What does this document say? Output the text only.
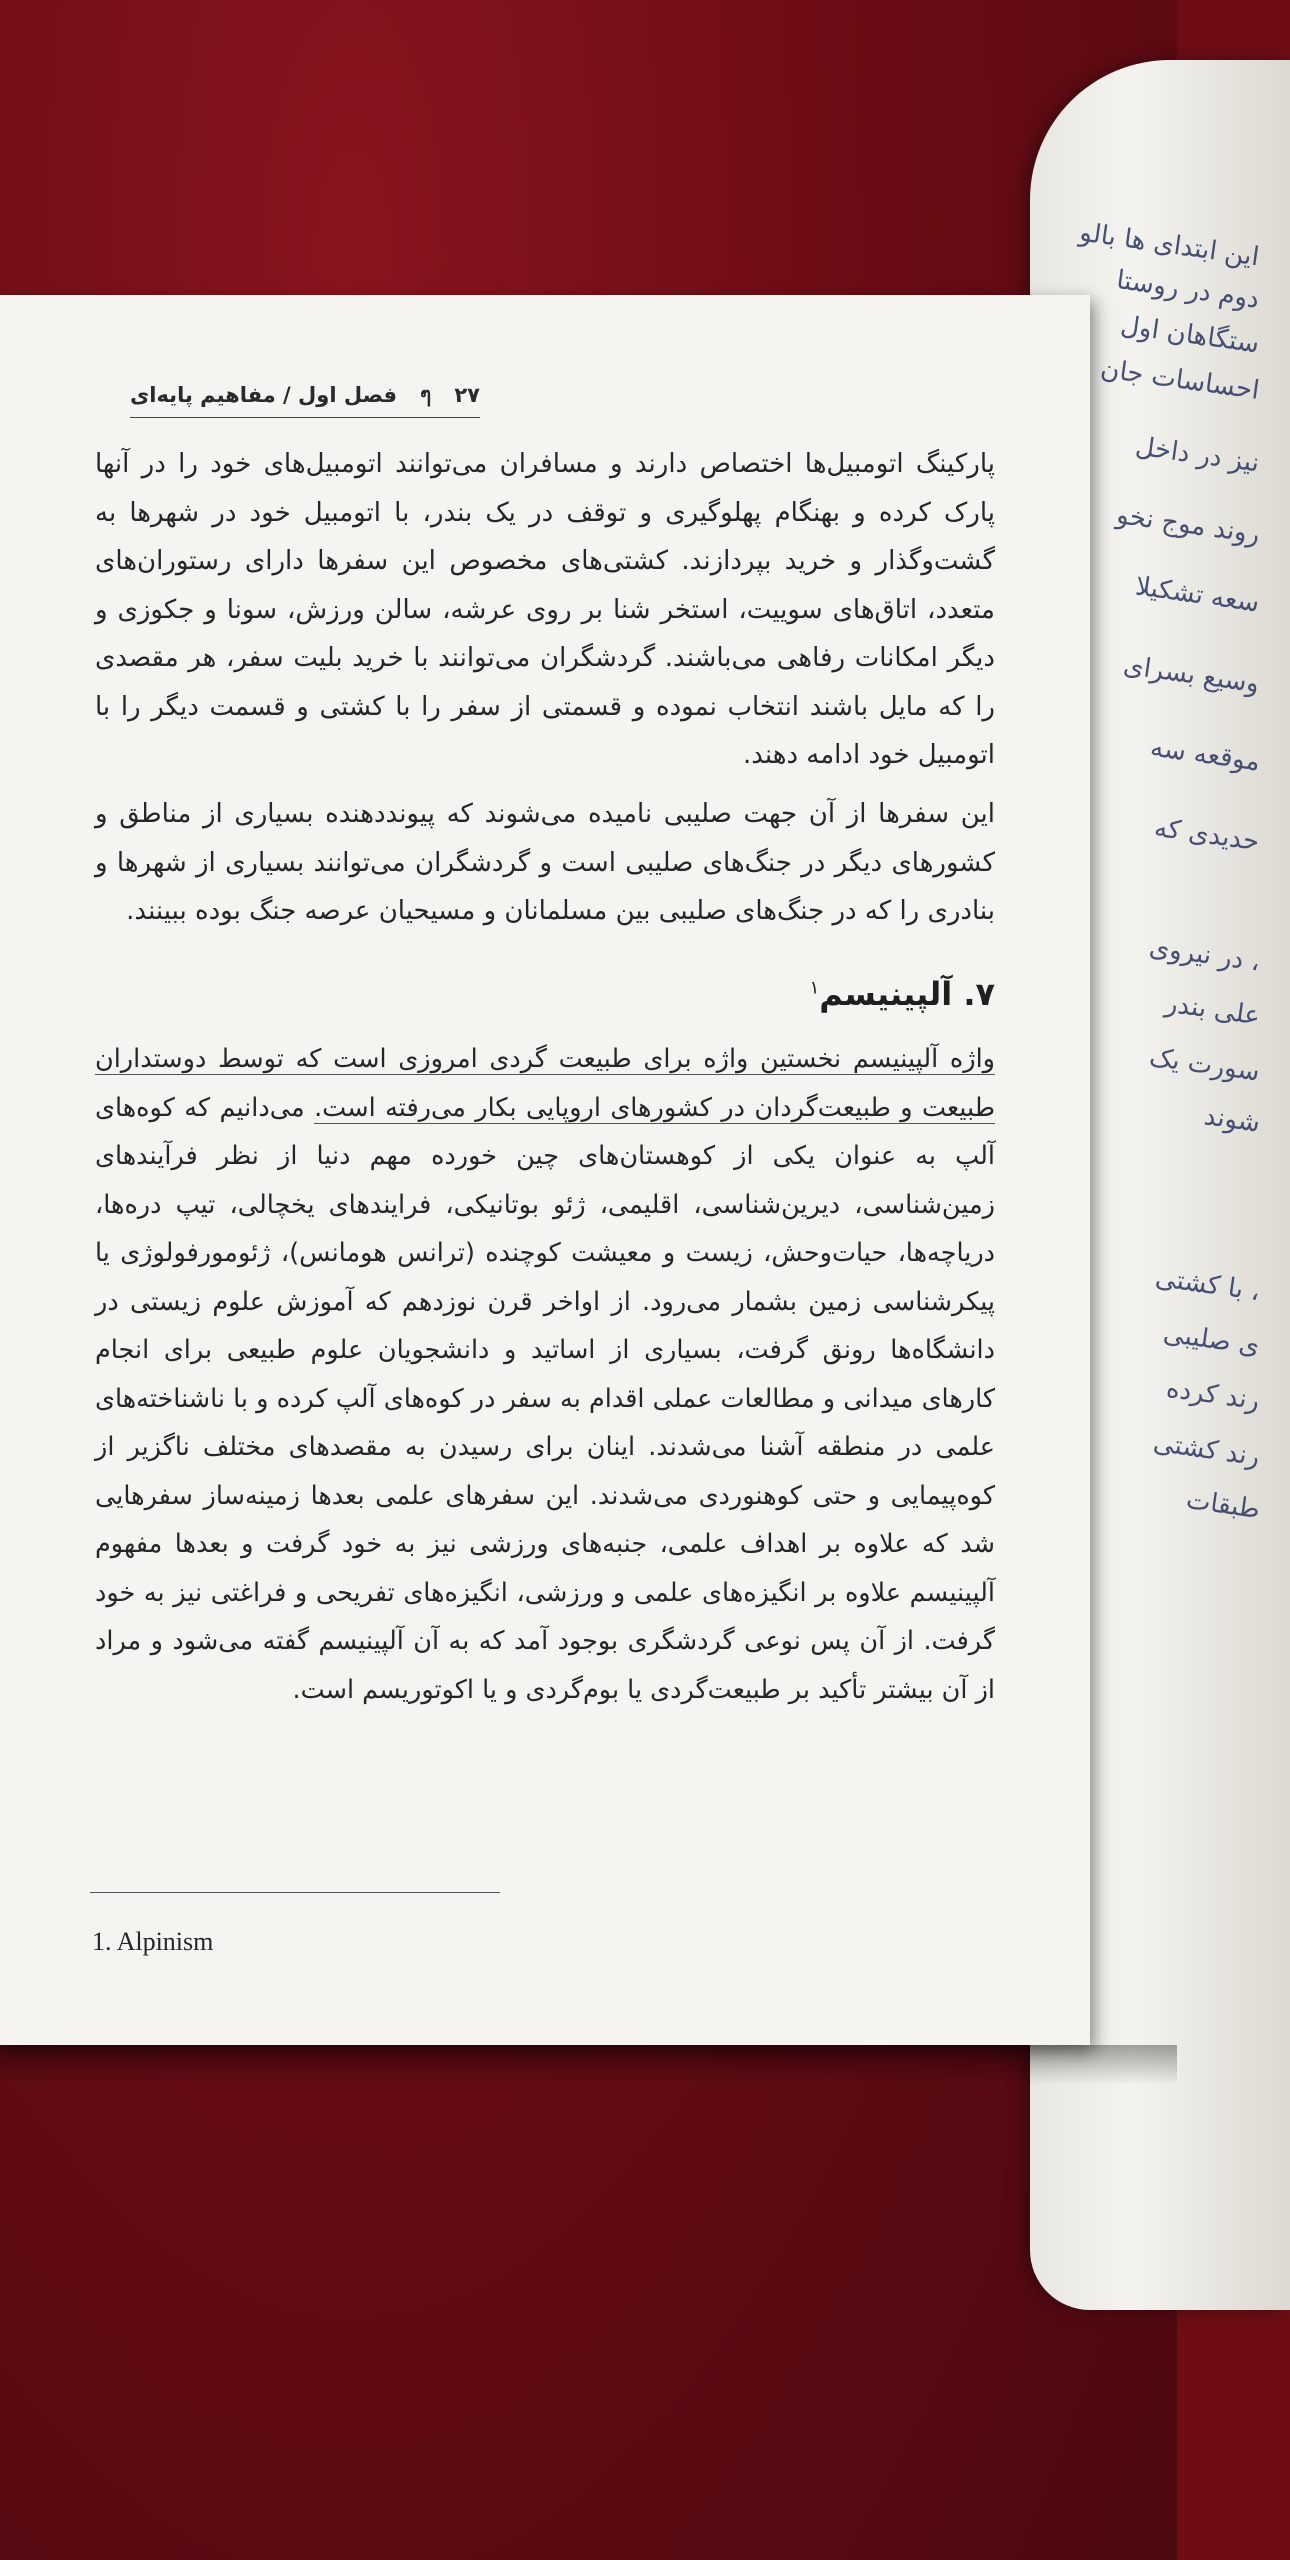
این ابتدای ها بالو
دوم در روستا
ستگاهان اول
احساسات جان
نیز در داخل
روند موج نخو
سعه تشکیلا
وسیع بسرای
موقعه سه
حدیدی که
، در نیروی
علی بندر
سورت یک
شوند
، با کشتی
ی صلیبی
رند کرده
رند کشتی
طبقات
فصل اول / مفاهیم پایه‌ای ๆ ۲۷
پارکینگ اتومبیل‌ها اختصاص دارند و مسافران می‌توانند اتومبیل‌های خود را در آنها پارک کرده و بهنگام پهلوگیری و توقف در یک بندر، با اتومبیل خود در شهرها به گشت‌وگذار و خرید بپردازند. کشتی‌های مخصوص این سفرها دارای رستوران‌های متعدد، اتاق‌های سوییت، استخر شنا بر روی عرشه، سالن ورزش، سونا و جکوزی و دیگر امکانات رفاهی می‌باشند. گردشگران می‌توانند با خرید بلیت سفر، هر مقصدی را که مایل باشند انتخاب نموده و قسمتی از سفر را با کشتی و قسمت دیگر را با اتومبیل خود ادامه دهند.
این سفرها از آن جهت صلیبی نامیده می‌شوند که پیونددهنده بسیاری از مناطق و کشورهای دیگر در جنگ‌های صلیبی است و گردشگران می‌توانند بسیاری از شهرها و بنادری را که در جنگ‌های صلیبی بین مسلمانان و مسیحیان عرصه جنگ بوده ببینند.
۷. آلپینیسم$^۱$
واژه آلپینیسم نخستین واژه برای طبیعت گردی امروزی است که توسط دوستداران طبیعت و طبیعت‌گردان در کشورهای اروپایی بکار می‌رفته است. می‌دانیم که کوه‌های آلپ به عنوان یکی از کوهستان‌های چین خورده مهم دنیا از نظر فرآیندهای زمین‌شناسی، دیرین‌شناسی، اقلیمی، ژئو بوتانیکی، فرایندهای یخچالی، تیپ دره‌ها، دریاچه‌ها، حیات‌وحش، زیست و معیشت کوچنده (ترانس هومانس)، ژئومورفولوژی یا پیکرشناسی زمین بشمار می‌رود. از اواخر قرن نوزدهم که آموزش علوم زیستی در دانشگاه‌ها رونق گرفت، بسیاری از اساتید و دانشجویان علوم طبیعی برای انجام کارهای میدانی و مطالعات عملی اقدام به سفر در کوه‌های آلپ کرده و با ناشناخته‌های علمی در منطقه آشنا می‌شدند. اینان برای رسیدن به مقصدهای مختلف ناگزیر از کوه‌پیمایی و حتی کوهنوردی می‌شدند. این سفرهای علمی بعدها زمینه‌ساز سفرهایی شد که علاوه بر اهداف علمی، جنبه‌های ورزشی نیز به خود گرفت و بعدها مفهوم آلپینیسم علاوه بر انگیزه‌های علمی و ورزشی، انگیزه‌های تفریحی و فراغتی نیز به خود گرفت. از آن پس نوعی گردشگری بوجود آمد که به آن آلپینیسم گفته می‌شود و مراد از آن بیشتر تأکید بر طبیعت‌گردی یا بوم‌گردی و یا اکوتوریسم است.
1. Alpinism
